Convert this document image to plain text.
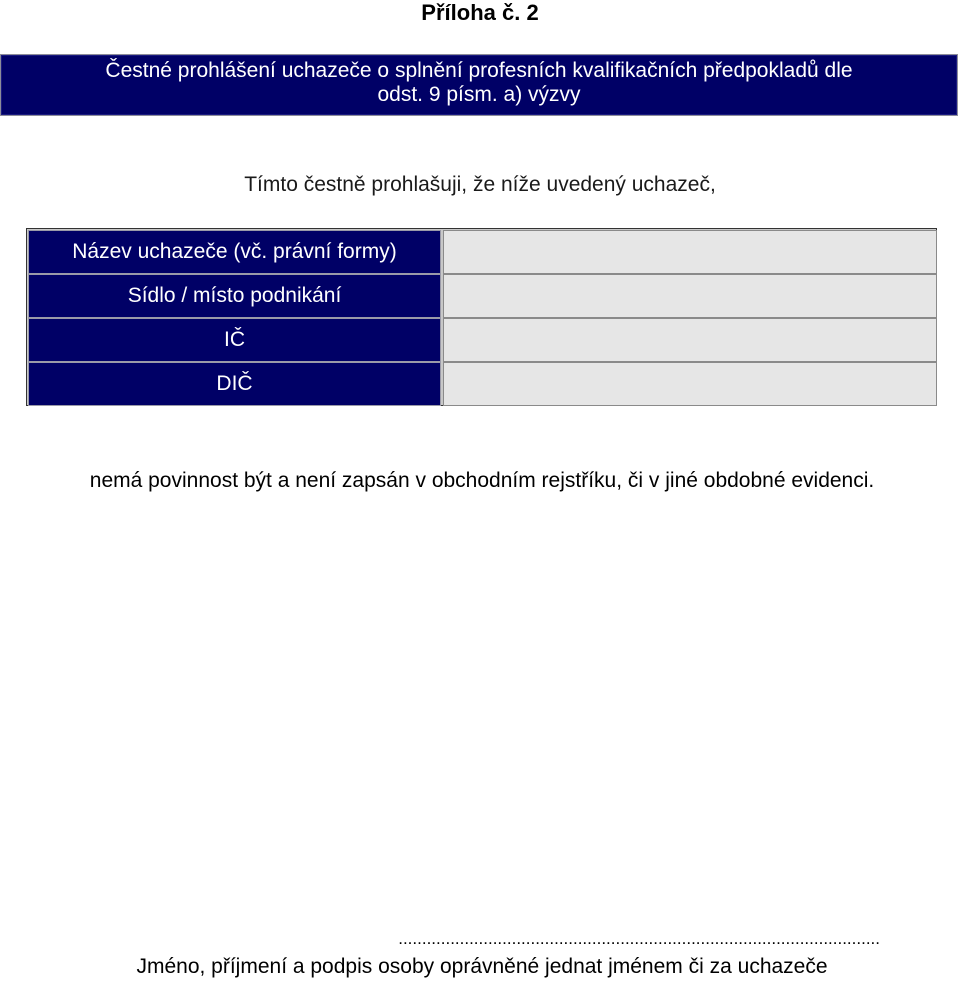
Příloha č. 2
Čestné prohlášení uchazeče o splnění profesních kvalifikačních předpokladů dle
odst. 9 písm. a) výzvy
Tímto čestně prohlašuji, že níže uvedený uchazeč,
Název uchazeče (vč. právní formy)
Sídlo / místo podnikání
IČ
DIČ
nemá povinnost být a není zapsán v obchodním rejstříku, či v jiné obdobné evidenci.
......................................................................................................
Jméno, příjmení a podpis osoby oprávněné jednat jménem či za uchazeče
